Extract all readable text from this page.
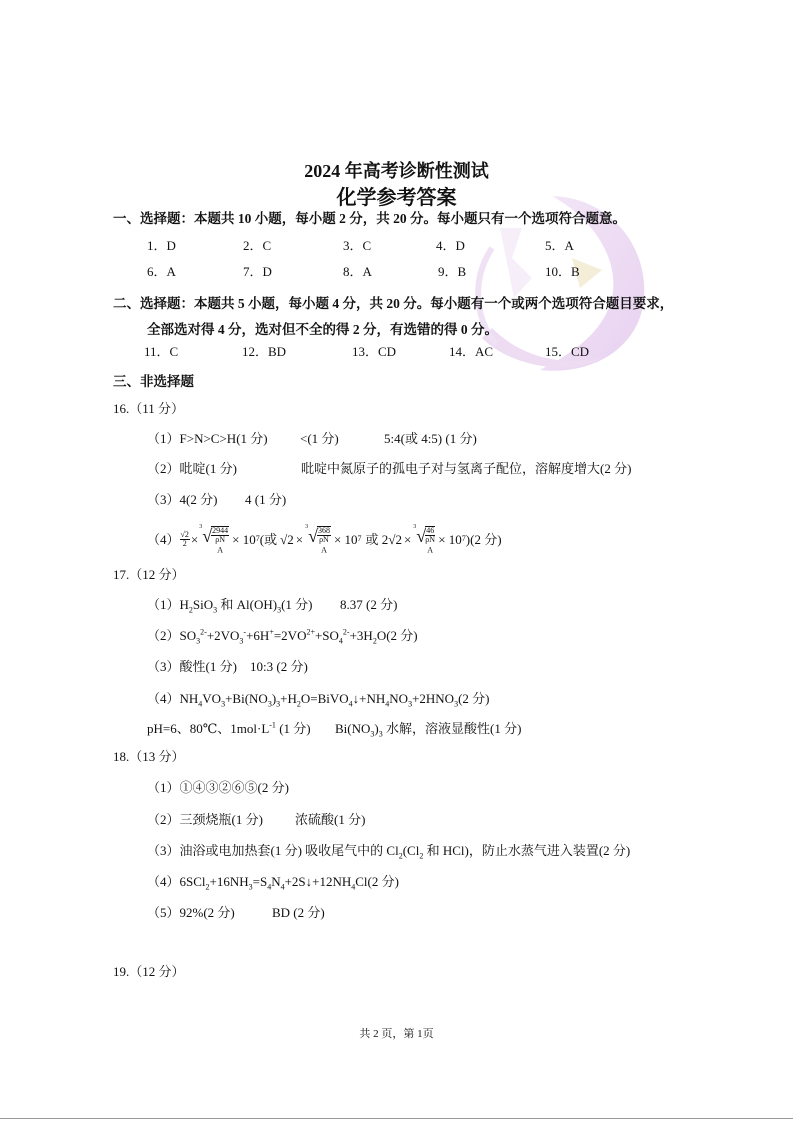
2024 年高考诊断性测试
化学参考答案
一、选择题：本题共 10 小题，每小题 2 分，共 20 分。每小题只有一个选项符合题意。
1．D	2．C	3．C	4．D	5．A
6．A	7．D	8．A	9．B	10．B
二、选择题：本题共 5 小题，每小题 4 分，共 20 分。每小题有一个或两个选项符合题目要求，
全部选对得 4 分，选对但不全的得 2 分，有选错的得 0 分。
11．C	12．BD	13．CD	14．AC	15．CD
三、非选择题
16.（11 分）
（1）F>N>C>H(1 分) <(1 分)	5:4(或 4:5) (1 分)
（2）吡啶(1 分)	吡啶中氮原子的孤电子对与氢离子配位，溶解度增大(2 分)
（3）4(2 分) 4 (1 分)
$(4) \frac{√2}{2}$ ×
3 √ 2944
ρN
$_A$ × 10 7 (或 √2 ×
3 √ 368
ρN
$_A$ × 10 7 或 2 √2 ×
3 √ 46
ρN
$_A$ × 10 7 )(2 分)
17.（12 分）
$(1)H_2SiO_3$ 和 $Al(OH)_3(1$ 分) 8.37 (2 分)
$(2)SO_3^{2-}+2VO_3^-+6H^+=2VO^{2+}+SO_4^{2-}+3H_2O(2$ 分)
（3）酸性(1 分) 10:3 (2 分)
$(4)NH_4VO_3+Bi(NO_3)_3+H_2O=BiVO_4↓+NH_4NO_3+2HNO_3(2$ 分)
pH=6、80℃、$1mol\cdot L^{-1}$ (1 分) $Bi(NO_3)_3$ 水解，溶液显酸性(1 分)
18.（13 分）
（1）①④③②⑥⑤(2 分)
（2）三颈烧瓶(1 分) 浓硫酸(1 分)
（3）油浴或电加热套(1 分) 吸收尾气中的 $Cl_2(Cl_2$ 和 HCl)，防止水蒸气进入装置(2 分)
$(4)6SCl_2+16NH_3=S_4N_4+2S↓+12NH_4Cl(2$ 分)
（5）92%(2 分)	BD (2 分)
19.（12 分）
共 2 页，第 1页
